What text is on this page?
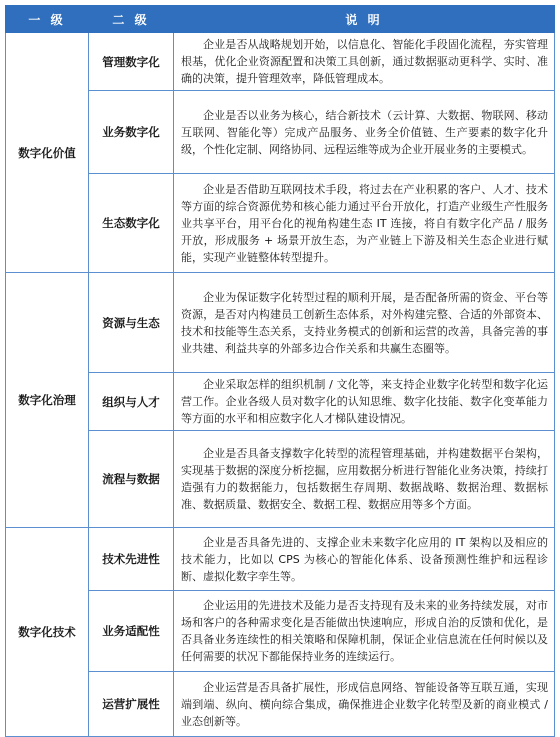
一 级	二 级	说 明
数字化价值	管理数字化	企业是否从战略规划开始，以信息化、智能化手段固化流程，夯实管理根基，优化企业资源配置和决策工具创新，通过数据驱动更科学、实时、准确的决策，提升管理效率，降低管理成本。

	业务数字化	企业是否以业务为核心，结合新技术（云计算、大数据、物联网、移动互联网、智能化等）完成产品服务、业务全价值链、生产要素的数字化升级，个性化定制、网络协同、远程运维等成为企业开展业务的主要模式。

	生态数字化	企业是否借助互联网技术手段，将过去在产业积累的客户、人才、技术等方面的综合资源优势和核心能力通过平台开放化，打造产业级生产性服务业共享平台，用平台化的视角构建生态 IT 连接，将自有数字化产品 / 服务开放，形成服务 + 场景开放生态，为产业链上下游及相关生态企业进行赋能，实现产业链整体转型提升。

数字化治理	资源与生态	企业为保证数字化转型过程的顺利开展，是否配备所需的资金、平台等资源，是否对内构建员工创新生态体系，对外构建完整、合适的外部资本、技术和技能等生态关系，支持业务模式的创新和运营的改善，具备完善的事业共建、利益共享的外部多边合作关系和共赢生态圈等。

	组织与人才	企业采取怎样的组织机制 / 文化等，来支持企业数字化转型和数字化运营工作。企业各级人员对数字化的认知思维、数字化技能、数字化变革能力等方面的水平和相应数字化人才梯队建设情况。

	流程与数据	企业是否具备支撑数字化转型的流程管理基础，并构建数据平台架构，实现基于数据的深度分析挖掘，应用数据分析进行智能化业务决策，持续打造强有力的数据能力，包括数据生存周期、数据战略、数据治理、数据标准、数据质量、数据安全、数据工程、数据应用等多个方面。

数字化技术	技术先进性	企业是否具备先进的、支撑企业未来数字化应用的 IT 架构以及相应的技术能力，比如以 CPS 为核心的智能化体系、设备预测性维护和远程诊断、虚拟化数字孪生等。

	业务适配性	企业运用的先进技术及能力是否支持现有及未来的业务持续发展，对市场和客户的各种需求变化是否能做出快速响应，形成自治的反馈和优化，是否具备业务连续性的相关策略和保障机制，保证企业信息流在任何时候以及任何需要的状况下都能保持业务的连续运行。

	运营扩展性	企业运营是否具备扩展性，形成信息网络、智能设备等互联互通，实现端到端、纵向、横向综合集成，确保推进企业数字化转型及新的商业模式 / 业态创新等。
